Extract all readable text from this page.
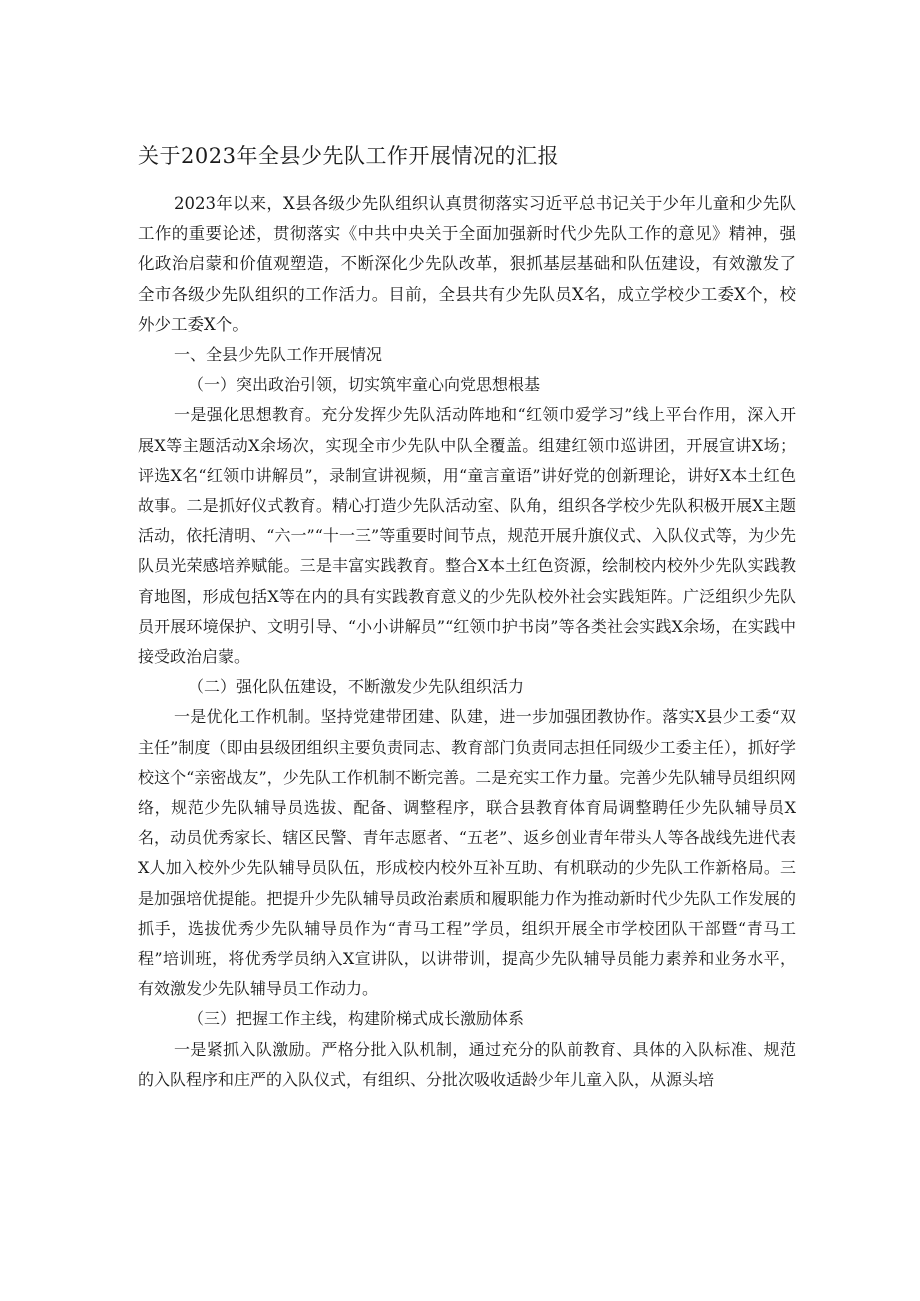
关于2023年全县少先队工作开展情况的汇报

2023年以来，X县各级少先队组织认真贯彻落实习近平总书记关于少年儿童和少先队工作的重要论述，贯彻落实《中共中央关于全面加强新时代少先队工作的意见》精神，强化政治启蒙和价值观塑造，不断深化少先队改革，狠抓基层基础和队伍建设，有效激发了全市各级少先队组织的工作活力。目前，全县共有少先队员X名，成立学校少工委X个，校外少工委X个。

一、全县少先队工作开展情况

（一）突出政治引领，切实筑牢童心向党思想根基

一是强化思想教育。充分发挥少先队活动阵地和“红领巾爱学习”线上平台作用，深入开展X等主题活动X余场次，实现全市少先队中队全覆盖。组建红领巾巡讲团，开展宣讲X场；评选X名“红领巾讲解员”，录制宣讲视频，用“童言童语”讲好党的创新理论，讲好X本土红色故事。二是抓好仪式教育。精心打造少先队活动室、队角，组织各学校少先队积极开展X主题活动，依托清明、“六一”“十一三”等重要时间节点，规范开展升旗仪式、入队仪式等，为少先队员光荣感培养赋能。三是丰富实践教育。整合X本土红色资源，绘制校内校外少先队实践教育地图，形成包括X等在内的具有实践教育意义的少先队校外社会实践矩阵。广泛组织少先队员开展环境保护、文明引导、“小小讲解员”“红领巾护书岗”等各类社会实践X余场，在实践中接受政治启蒙。

（二）强化队伍建设，不断激发少先队组织活力

一是优化工作机制。坚持党建带团建、队建，进一步加强团教协作。落实X县少工委“双主任”制度（即由县级团组织主要负责同志、教育部门负责同志担任同级少工委主任），抓好学校这个“亲密战友”，少先队工作机制不断完善。二是充实工作力量。完善少先队辅导员组织网络，规范少先队辅导员选拔、配备、调整程序，联合县教育体育局调整聘任少先队辅导员X名，动员优秀家长、辖区民警、青年志愿者、“五老”、返乡创业青年带头人等各战线先进代表X人加入校外少先队辅导员队伍，形成校内校外互补互助、有机联动的少先队工作新格局。三是加强培优提能。把提升少先队辅导员政治素质和履职能力作为推动新时代少先队工作发展的抓手，选拔优秀少先队辅导员作为“青马工程”学员，组织开展全市学校团队干部暨“青马工程”培训班，将优秀学员纳入X宣讲队，以讲带训，提高少先队辅导员能力素养和业务水平，有效激发少先队辅导员工作动力。

（三）把握工作主线，构建阶梯式成长激励体系

一是紧抓入队激励。严格分批入队机制，通过充分的队前教育、具体的入队标准、规范的入队程序和庄严的入队仪式，有组织、分批次吸收适龄少年儿童入队，从源头培
